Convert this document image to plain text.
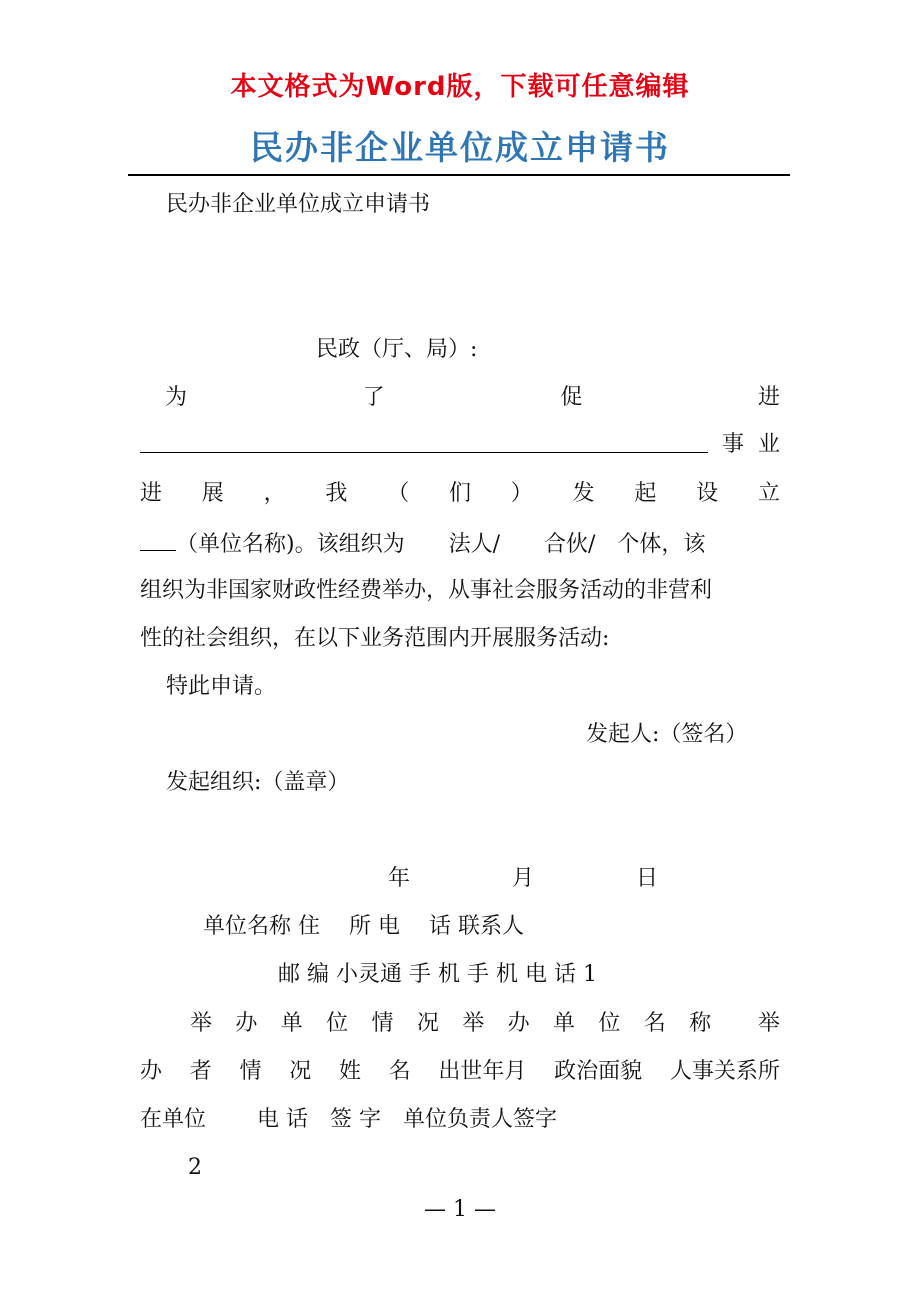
本文格式为Word版，下载可任意编辑
民办非企业单位成立申请书
民办非企业单位成立申请书
民政（厅、局）:
为	了	促	进
事 业
进 展 ， 我 （ 们 ） 发 起 设 立
（单位名称)。该组织为　　法人/　　合伙/　个体，该
组织为非国家财政性经费举办，从事社会服务活动的非营利
性的社会组织，在以下业务范围内开展服务活动:
特此申请。
发起人:（签名）
发起组织:（盖章）
年	月	日
单位名称 住　 所 电　 话 联系人
邮 编 小灵通 手 机 手 机 电 话 1
举 办 单 位 情 况 举 办 单 位 名 称 举
办 者 情 况 姓 名 出世年月 政治面貌 人事关系所
在单位　　 电 话　签 字　单位负责人签字
2
— 1 —
